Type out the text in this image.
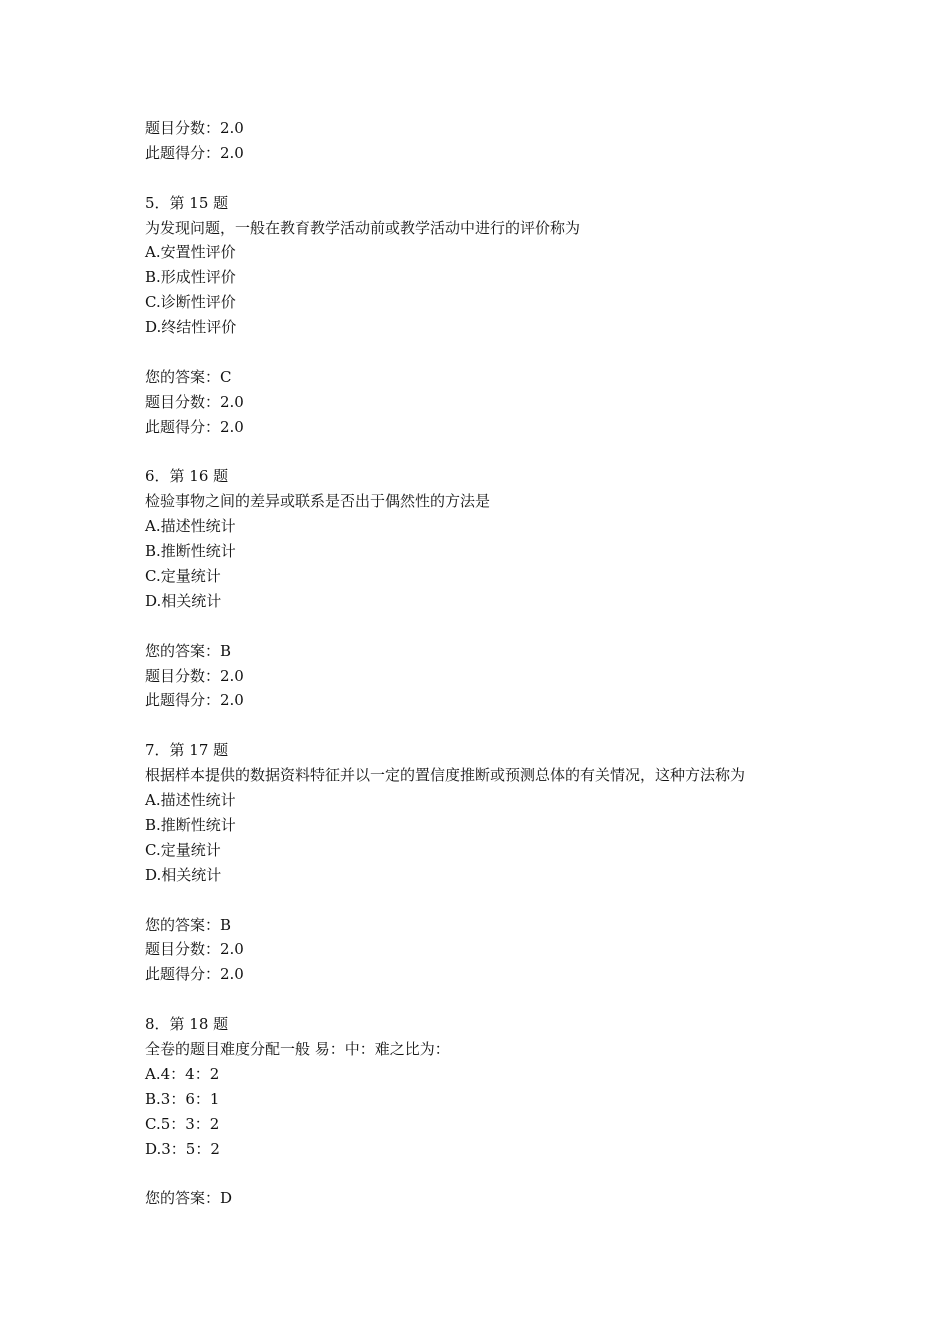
题目分数：2.0
此题得分：2.0
5．第 15 题
为发现问题，一般在教育教学活动前或教学活动中进行的评价称为
A.安置性评价
B.形成性评价
C.诊断性评价
D.终结性评价
您的答案：C
题目分数：2.0
此题得分：2.0
6．第 16 题
检验事物之间的差异或联系是否出于偶然性的方法是
A.描述性统计
B.推断性统计
C.定量统计
D.相关统计
您的答案：B
题目分数：2.0
此题得分：2.0
7．第 17 题
根据样本提供的数据资料特征并以一定的置信度推断或预测总体的有关情况，这种方法称为
A.描述性统计
B.推断性统计
C.定量统计
D.相关统计
您的答案：B
题目分数：2.0
此题得分：2.0
8．第 18 题
全卷的题目难度分配一般 易：中：难之比为：
A.4：4：2
B.3：6：1
C.5：3：2
D.3：5：2
您的答案：D
